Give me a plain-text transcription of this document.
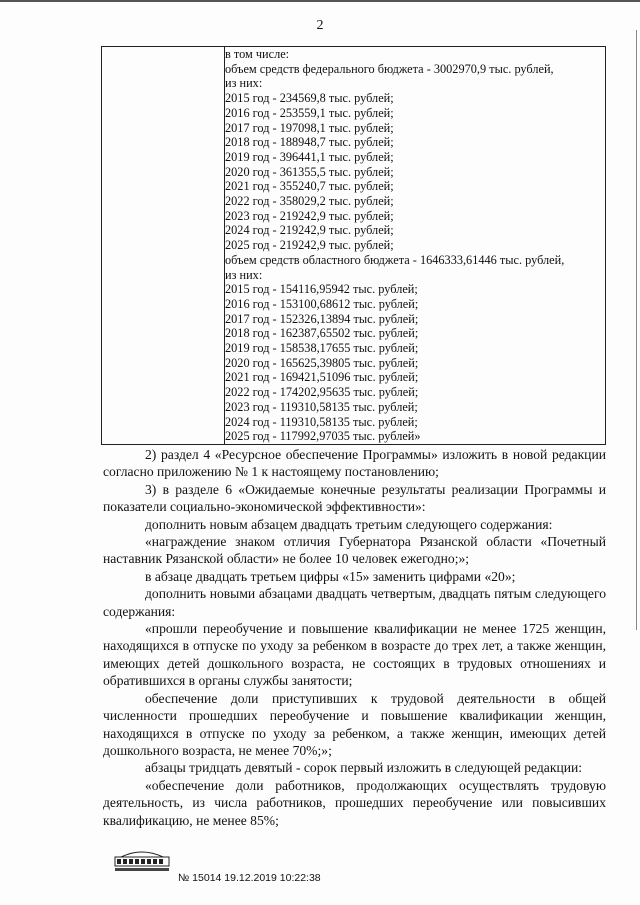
2

в том числе:
объем средств федерального бюджета - 3002970,9 тыс. рублей,
из них:
2015 год - 234569,8 тыс. рублей;
2016 год - 253559,1 тыс. рублей;
2017 год - 197098,1 тыс. рублей;
2018 год - 188948,7 тыс. рублей;
2019 год - 396441,1 тыс. рублей;
2020 год - 361355,5 тыс. рублей;
2021 год - 355240,7 тыс. рублей;
2022 год - 358029,2 тыс. рублей;
2023 год - 219242,9 тыс. рублей;
2024 год - 219242,9 тыс. рублей;
2025 год - 219242,9 тыс. рублей;
объем средств областного бюджета - 1646333,61446 тыс. рублей,
из них:
2015 год - 154116,95942 тыс. рублей;
2016 год - 153100,68612 тыс. рублей;
2017 год - 152326,13894 тыс. рублей;
2018 год - 162387,65502 тыс. рублей;
2019 год - 158538,17655 тыс. рублей;
2020 год - 165625,39805 тыс. рублей;
2021 год - 169421,51096 тыс. рублей;
2022 год - 174202,95635 тыс. рублей;
2023 год - 119310,58135 тыс. рублей;
2024 год - 119310,58135 тыс. рублей;
2025 год - 117992,97035 тыс. рублей»

2) раздел 4 «Ресурсное обеспечение Программы» изложить в новой редакции согласно приложению № 1 к настоящему постановлению;

3) в разделе 6 «Ожидаемые конечные результаты реализации Программы и показатели социально-экономической эффективности»:

дополнить новым абзацем двадцать третьим следующего содержания:

«награждение знаком отличия Губернатора Рязанской области «Почетный наставник Рязанской области» не более 10 человек ежегодно;»;

в абзаце двадцать третьем цифры «15» заменить цифрами «20»;

дополнить новыми абзацами двадцать четвертым, двадцать пятым следующего содержания:

«прошли переобучение и повышение квалификации не менее 1725 женщин, находящихся в отпуске по уходу за ребенком в возрасте до трех лет, а также женщин, имеющих детей дошкольного возраста, не состоящих в трудовых отношениях и обратившихся в органы службы занятости;

обеспечение доли приступивших к трудовой деятельности в общей численности прошедших переобучение и повышение квалификации женщин, находящихся в отпуске по уходу за ребенком, а также женщин, имеющих детей дошкольного возраста, не менее 70%;»;

абзацы тридцать девятый - сорок первый изложить в следующей редакции:

«обеспечение доли работников, продолжающих осуществлять трудовую деятельность, из числа работников, прошедших переобучение или повысивших квалификацию, не менее 85%;

№ 15014 19.12.2019 10:22:38
